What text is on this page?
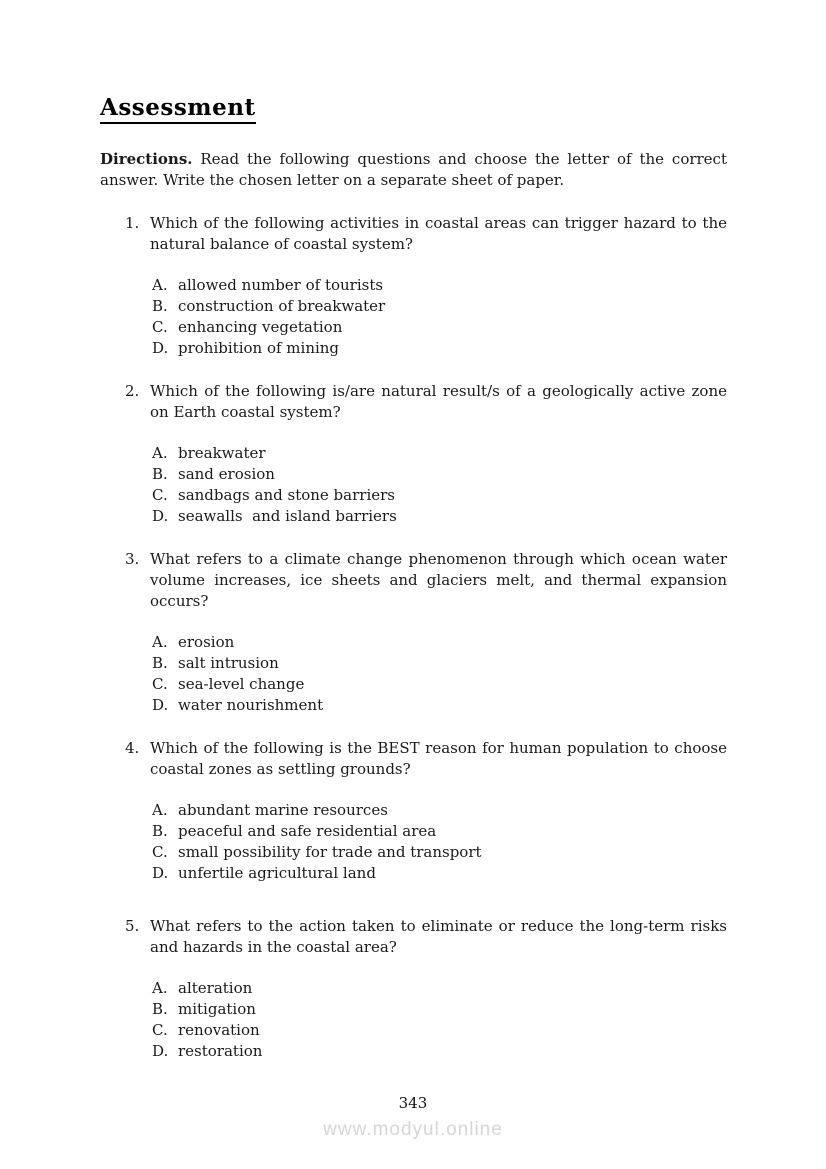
Assessment

Directions. Read the following questions and choose the letter of the correct answer. Write the chosen letter on a separate sheet of paper.

1. Which of the following activities in coastal areas can trigger hazard to the natural balance of coastal system?
A. allowed number of tourists
B. construction of breakwater
C. enhancing vegetation
D. prohibition of mining
2. Which of the following is/are natural result/s of a geologically active zone on Earth coastal system?
A. breakwater
B. sand erosion
C. sandbags and stone barriers
D. seawalls  and island barriers
3. What refers to a climate change phenomenon through which ocean water volume increases, ice sheets and glaciers melt, and thermal expansion occurs?
A. erosion
B. salt intrusion
C. sea-level change
D. water nourishment
4. Which of the following is the BEST reason for human population to choose coastal zones as settling grounds?
A. abundant marine resources
B. peaceful and safe residential area
C. small possibility for trade and transport
D. unfertile agricultural land
5. What refers to the action taken to eliminate or reduce the long-term risks and hazards in the coastal area?
A. alteration
B. mitigation
C. renovation
D. restoration
343
www.modyul.online
